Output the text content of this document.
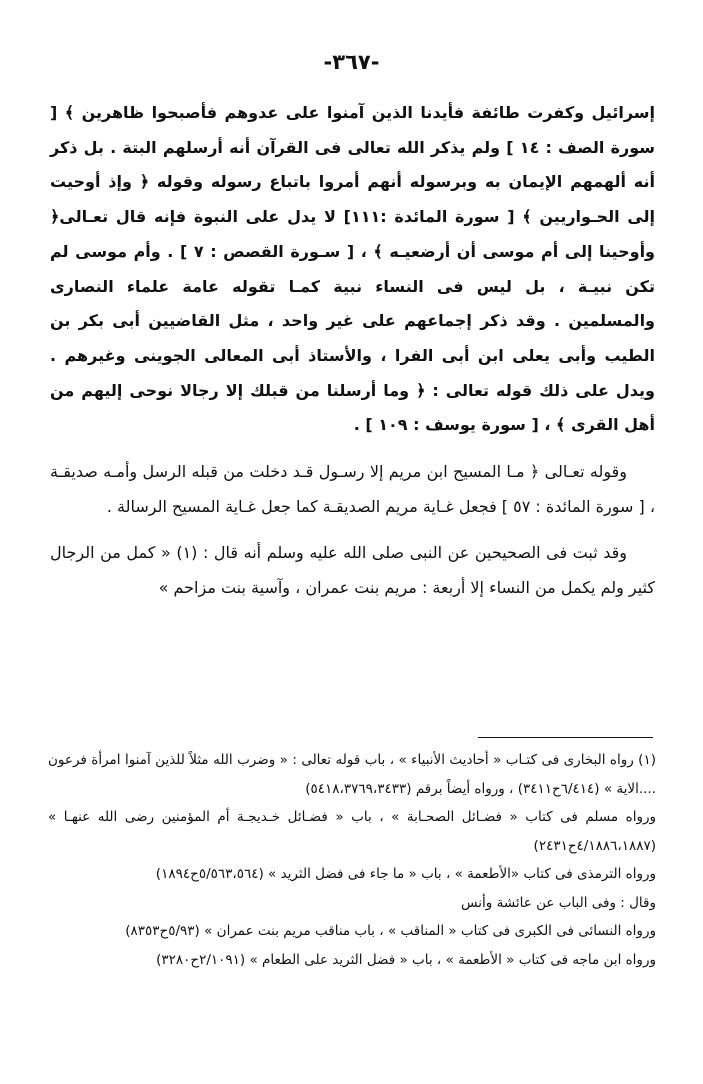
-٣٦٧-

إسرائيل وكفرت طائفة فأيدنا الذين آمنوا على عدوهم فأصبحوا ظاهرين ﴾ [ سورة الصف : ١٤ ] ولم يذكر الله تعالى فى القرآن أنه أرسلهم البتة . بل ذكر أنه ألهمهم الإيمان به وبرسوله أنهم أمروا باتباع رسوله وقوله ﴿ وإذ أوحيت إلى الحـواريين ﴾ [ سورة المائدة :١١١] لا يدل على النبوة فإنه قال تعـالى﴿ وأوحينا إلى أم موسى أن أرضعيـه ﴾ ، [ سـورة القصص : ٧ ] . وأم موسى لم تكن نبيـة ، بل ليس فى النساء نبية كمـا تقوله عامة علماء النصارى والمسلمين . وقد ذكر إجماعهم على غير واحد ، مثل القاضيين أبى بكر بن الطيب وأبى يعلى ابن أبى الفرا ، والأستاذ أبى المعالى الجوينى وغيرهم . ويدل على ذلك قوله تعالى : ﴿ وما أرسلنا من قبلك إلا رجالا نوحى إليهم من أهل القرى ﴾ ، [ سورة يوسف : ١٠٩ ] .

وقوله تعـالى ﴿ مـا المسيح ابن مريم إلا رسـول قـد دخلت من قبله الرسل وأمـه صديقـة ، [ سورة المائدة : ٥٧ ] فجعل غـاية مريم الصديقـة كما جعل غـاية المسيح الرسالة .

وقد ثبت فى الصحيحين عن النبى صلى الله عليه وسلم أنه قال : (١) « كمل من الرجال كثير ولم يكمل من النساء إلا أربعة : مريم بنت عمران ، وآسية بنت مزاحم »

(١) رواه البخارى فى كتـاب « أحاديث الأنبياء » ، باب قوله تعالى : « وضرب الله مثلاً للذين آمنوا امرأة فرعون ....الاية » (٦/٤١٤ح٣٤١١) ، ورواه أيضاً برقم (٥٤١٨،٣٧٦٩،٣٤٣٣)

ورواه مسلم فى كتاب « فضـائل الصحـابة » ، باب « فضـائل خـديجـة أم المؤمنين رضى الله عنهـا » (٤/١٨٨٦،١٨٨٧ح٢٤٣١)

ورواه الترمذى فى كتاب «الأطعمة » ، باب « ما جاء فى فضل الثريد » (٥/٥٦٣،٥٦٤ح١٨٩٤)

وقال : وفى الباب عن عائشة وأنس

ورواه النسائى فى الكبرى فى كتاب « المناقب » ، باب مناقب مريم بنت عمران » (٥/٩٣ح٨٣٥٣)

ورواه ابن ماجه فى كتاب « الأطعمة » ، باب « فضل الثريد على الطعام » (٢/١٠٩١ح٣٢٨٠)
